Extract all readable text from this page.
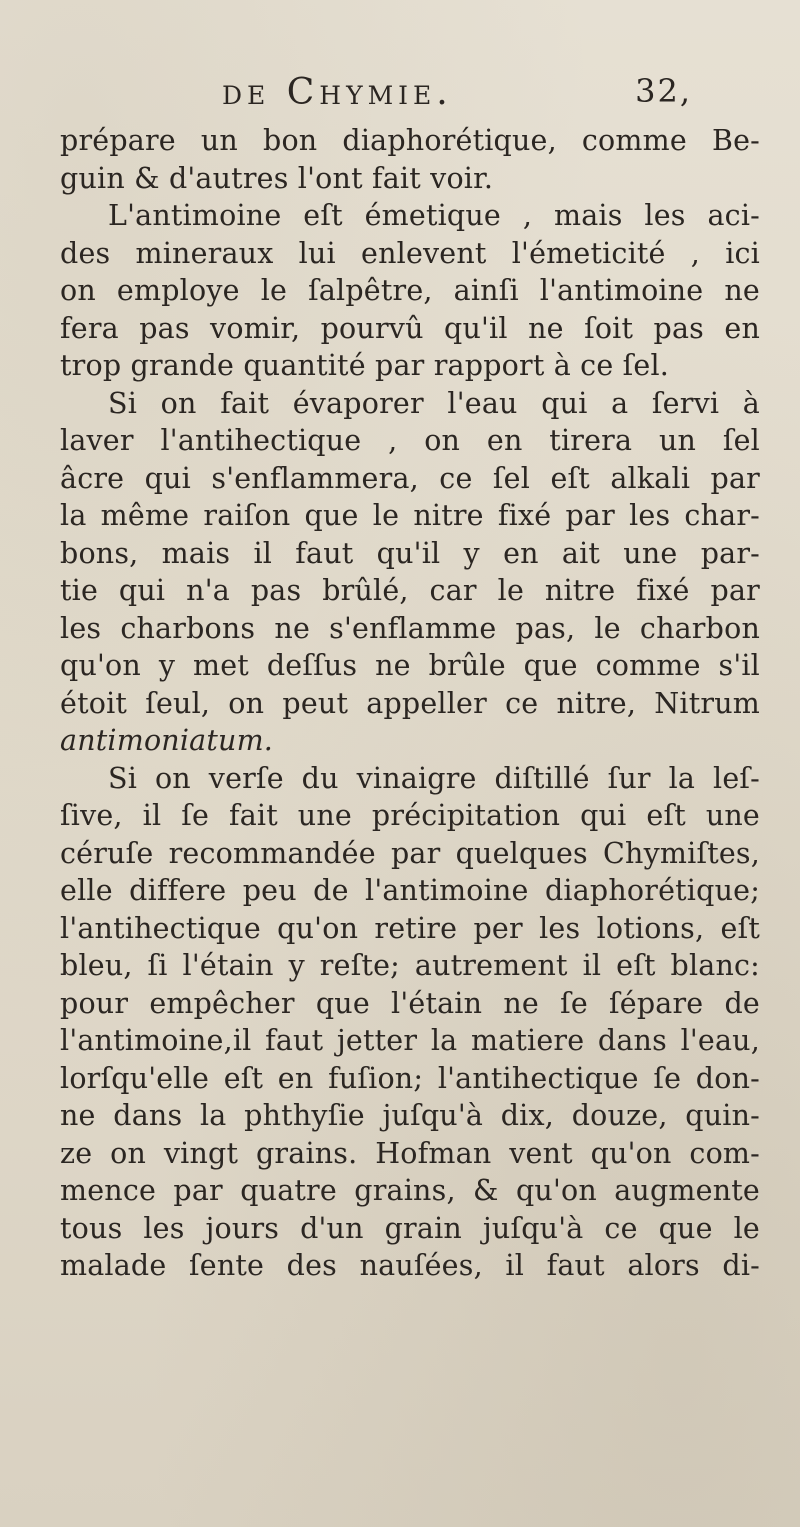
de Chymie.	32,
prépare un bon diaphorétique, comme Be-
guin & d'autres l'ont fait voir.
L'antimoine eſt émetique , mais les aci-
des mineraux lui enlevent l'émeticité , ici
on employe le ſalpêtre, ainſi l'antimoine ne
fera pas vomir, pourvû qu'il ne ſoit pas en
trop grande quantité par rapport à ce ſel.
Si on fait évaporer l'eau qui a ſervi à
laver l'antihectique , on en tirera un ſel
âcre qui s'enflammera, ce ſel eſt alkali par
la même raiſon que le nitre fixé par les char-
bons, mais il faut qu'il y en ait une par-
tie qui n'a pas brûlé, car le nitre fixé par
les charbons ne s'enflamme pas, le charbon
qu'on y met deſſus ne brûle que comme s'il
étoit ſeul, on peut appeller ce nitre, Nitrum
antimoniatum.
Si on verſe du vinaigre diſtillé ſur la leſ-
ſive, il ſe fait une précipitation qui eſt une
céruſe recommandée par quelques Chymiſtes,
elle differe peu de l'antimoine diaphorétique;
l'antihectique qu'on retire per les lotions, eſt
bleu, ſi l'étain y reſte; autrement il eſt blanc:
pour empêcher que l'étain ne ſe ſépare de
l'antimoine,il faut jetter la matiere dans l'eau,
lorſqu'elle eſt en fuſion; l'antihectique ſe don-
ne dans la phthyſie juſqu'à dix, douze, quin-
ze on vingt grains. Hofman vent qu'on com-
mence par quatre grains, & qu'on augmente
tous les jours d'un grain juſqu'à ce que le
malade ſente des nauſées, il faut alors di-
